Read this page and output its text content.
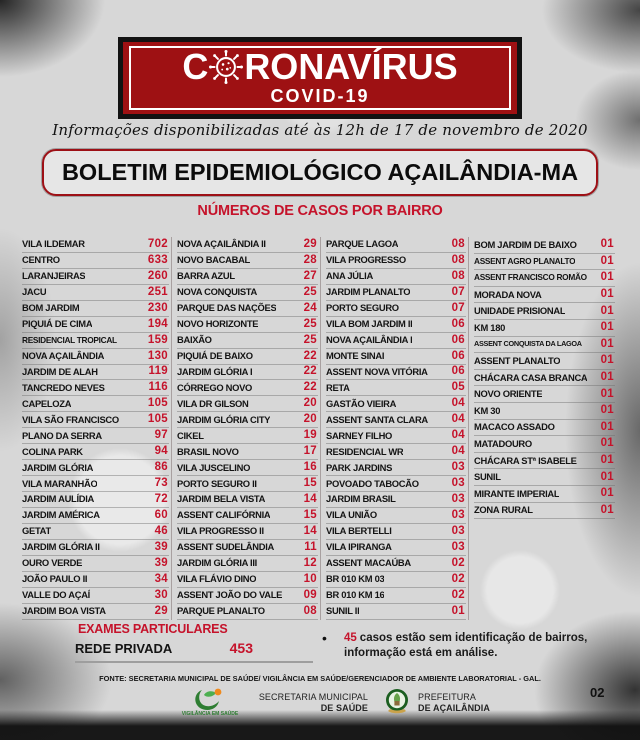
C RONAVÍRUS
COVID-19
Informações disponibilizadas até às 12h de 17 de novembro de 2020
BOLETIM EPIDEMIOLÓGICO AÇAILÂNDIA-MA
NÚMEROS DE CASOS POR BAIRRO
VILA ILDEMAR	702
CENTRO	633
LARANJEIRAS	260
JACU	251
BOM JARDIM	230
PIQUIÁ DE CIMA	194
RESIDENCIAL TROPICAL	159
NOVA AÇAILÂNDIA	130
JARDIM DE ALAH	119
TANCREDO NEVES	116
CAPELOZA	105
VILA SÃO FRANCISCO	105
PLANO DA SERRA	97
COLINA PARK	94
JARDIM GLÓRIA	86
VILA MARANHÃO	73
JARDIM AULÍDIA	72
JARDIM AMÉRICA	60
GETAT	46
JARDIM GLÓRIA II	39
OURO VERDE	39
JOÃO PAULO II	34
VALLE DO AÇAÍ	30
JARDIM BOA VISTA	29
NOVA AÇAILÂNDIA II	29
NOVO BACABAL	28
BARRA AZUL	27
NOVA CONQUISTA	25
PARQUE DAS NAÇÕES 24
NOVO HORIZONTE	25
BAIXÃO	25
PIQUIÁ DE BAIXO	22
JARDIM GLÓRIA I	22
CÓRREGO NOVO	22
VILA DR GILSON	20
JARDIM GLÓRIA CITY	20
CIKEL	19
BRASIL NOVO	17
VILA JUSCELINO	16
PORTO SEGURO II	15
JARDIM BELA VISTA	14
ASSENT CALIFÓRNIA	15
VILA PROGRESSO II	14
ASSENT SUDELÂNDIA	11
JARDIM GLÓRIA III	12
VILA FLÁVIO DINO	10
ASSENT JOÃO DO VALE 09
PARQUE PLANALTO	08
PARQUE LAGOA	08
VILA PROGRESSO	08
ANA JÚLIA	08
JARDIM PLANALTO	07
PORTO SEGURO	07
VILA BOM JARDIM II	06
NOVA AÇAILÂNDIA I	06
MONTE SINAI	06
ASSENT NOVA VITÓRIA 06
RETA	05
GASTÃO VIEIRA	04
ASSENT SANTA CLARA 04
SARNEY FILHO	04
RESIDENCIAL WR	04
PARK JARDINS	03
POVOADO TABOCÃO	03
JARDIM BRASIL	03
VILA UNIÃO	03
VILA BERTELLI	03
VILA IPIRANGA	03
ASSENT MACAÚBA	02
BR 010 KM 03	02
BR 010 KM 16	02
SUNIL II	01
BOM JARDIM DE BAIXO 01
ASSENT AGRO PLANALTO 01
ASSENT FRANCISCO ROMÃO 01
MORADA NOVA	01
UNIDADE PRISIONAL	01
KM 180	01
ASSENT CONQUISTA DA LAGOA 01
ASSENT PLANALTO	01
CHÁCARA CASA BRANCA 01
NOVO ORIENTE	01
KM 30	01
MACACO ASSADO	01
MATADOURO	01
CHÁCARA STª ISABELE 01
SUNIL	01
MIRANTE IMPERIAL	01
ZONA RURAL	01
EXAMES PARTICULARES
REDE PRIVADA	453
•	45 casos estão sem identificação de bairros, informação está em análise.
FONTE: SECRETARIA MUNICIPAL DE SAÚDE/ VIGILÂNCIA EM SAÚDE/GERENCIADOR DE AMBIENTE LABORATORIAL - GAL.
VIGILÂNCIA EM SAÚDE
SECRETARIA MUNICIPAL
DE SAÚDE
PREFEITURA
DE AÇAILÂNDIA
02
